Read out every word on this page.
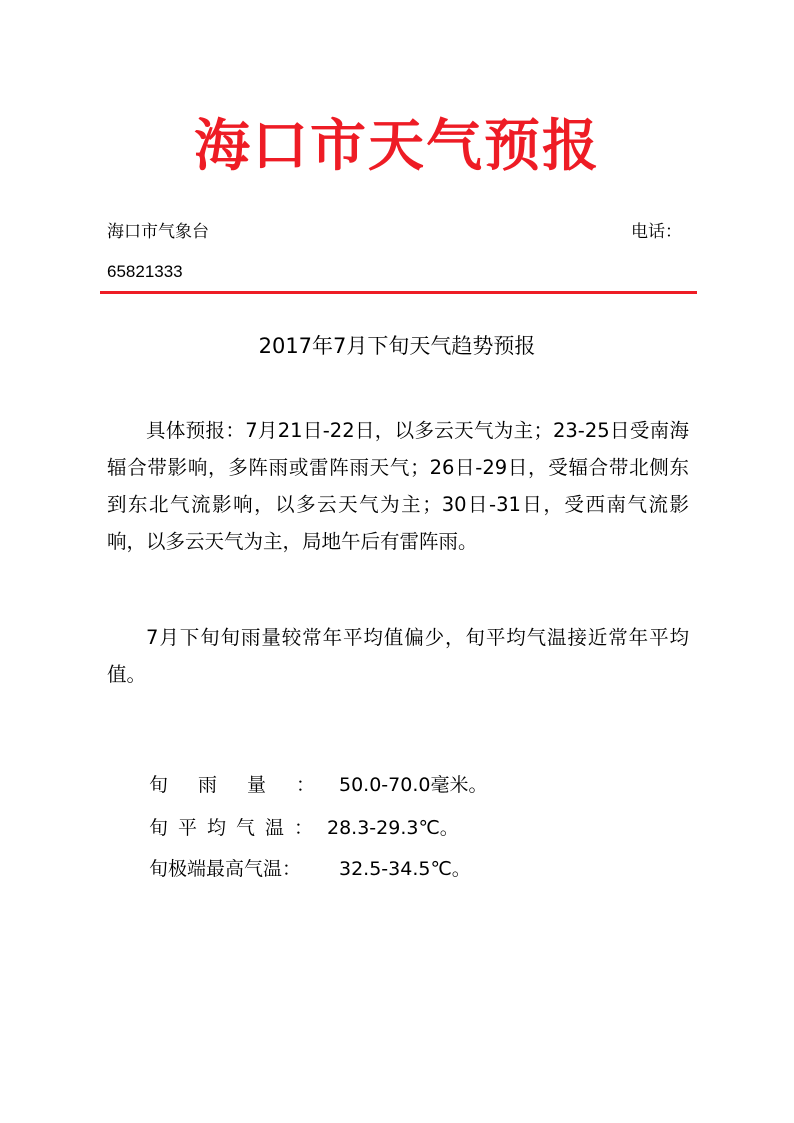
海口市天气预报
海口市气象台	电话：
65821333
2017年7月下旬天气趋势预报

具体预报：7月21日-22日，以多云天气为主；23-25日受南海辐合带影响，多阵雨或雷阵雨天气；26日-29日，受辐合带北侧东到东北气流影响，以多云天气为主；30日-31日，受西南气流影响，以多云天气为主，局地午后有雷阵雨。

7月下旬旬雨量较常年平均值偏少，旬平均气温接近常年平均值。

旬雨量：50.0-70.0毫米。
旬平均气温： 28.3-29.3℃。
旬极端最高气温： 32.5-34.5℃。
